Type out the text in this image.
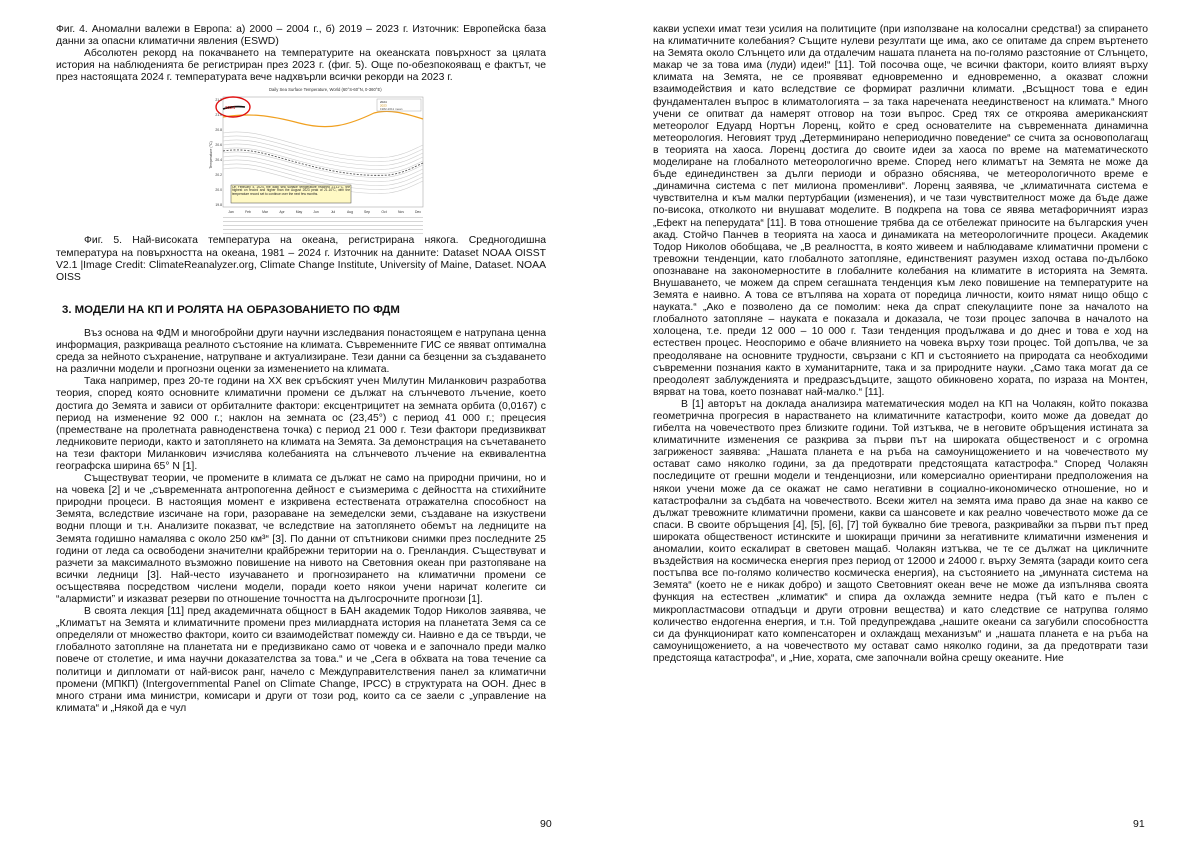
Фиг. 4. Аномални валежи в Европа: а) 2000 – 2004 г., б) 2019 – 2023 г. Източник: Европейска база данни за опасни климатични явления (ESWD)

Абсолютен рекорд на покачването на температурите на океанската повърхност за цялата история на наблюденията бе регистриран през 2023 г. (фиг. 5). Още по-обезпокояващ е фактът, че през настоящата 2024 г. температурата вече надхвърли всички рекорди на 2023 г.

Daily Sea Surface Temperature, World (60°S-60°N, 0-360°E)
2024
2024
2023
1982-2011 mean
21.2
21.0
20.8
20.6
20.4
20.2
20.0
19.8
Temperature (°C)
Jan	Feb	Mar	Apr	May	Jun	Jul	Aug	Sep	Oct	Nov	Dec
On February 4, 2024, the daily sea surface temperature reached 21.12°C, the highest on record and higher than the August 2023 peak of 21.10°C, with the temperature record set to continue over the next few months.

Фиг. 5. Най-високата температура на океана, регистрирана някога. Средногодишна температура на повърхността на океана, 1981 – 2024 г. Източник на данните: Dataset NOAA OISST V2.1 |Image Credit: ClimateReanalyzer.org, Climate Change Institute, University of Maine, Dataset. NOAA OISS

3. МОДЕЛИ НА КП И РОЛЯТА НА ОБРАЗОВАНИЕТО ПО ФДМ

Въз основа на ФДМ и многобройни други научни изследвания понастоящем е натрупана ценна информация, разкриваща реалното състояние на климата. Съвременните ГИС се явяват оптимална среда за нейното съхранение, натрупване и актуализиране. Тези данни са безценни за създаването на различни модели и прогнозни оценки за изменението на климата.

Така например, през 20-те години на XX век сръбският учен Милутин Миланкович разработва теория, според която основните климатични промени се дължат на слънчевото лъчение, което достига до Земята и зависи от орбиталните фактори: ексцентрицитет на земната орбита (0,0167) с период на изменение 92 000 г.; наклон на земната ос (23,45°) с период 41 000 г.; прецесия (преместване на пролетната равноденствена точка) с период 21 000 г. Тези фактори предизвикват ледниковите периоди, както и затоплянето на климата на Земята. За демонстрация на съчетаването на тези фактори Миланкович изчислява колебанията на слънчевото лъчение на еквивалентна географска ширина 65° N [1].

Съществуват теории, че промените в климата се дължат не само на природни причини, но и на човека [2] и че „съвременната антропогенна дейност е съизмерима с дейността на стихийните природни процеси. В настоящия момент е изкривена естествената отражателна способност на Земята, вследствие изсичане на гори, разораване на земеделски земи, създаване на изкуствени водни площи и т.н. Анализите показват, че вследствие на затоплянето обемът на ледниците на Земята годишно намалява с около 250 км³“ [3]. По данни от спътникови снимки през последните 25 години от леда са освободени значителни крайбрежни територии на о. Гренландия. Съществуват и разчети за максималното възможно повишение на нивото на Световния океан при разтопяване на всички ледници [3]. Най-често изучаването и прогнозирането на климатични промени се осъществява посредством числени модели, поради което някои учени наричат колегите си “алармисти” и изказват резерви по отношение точността на дългосрочните прогнози [1].

В своята лекция [11] пред академичната общност в БАН академик Тодор Николов заявява, че „Климатът на Земята и климатичните промени през милиардната история на планетата Земя са се определяли от множество фактори, които си взаимодействат помежду си. Наивно е да се твърди, че глобалното затопляне на планетата ни е предизвикано само от човека и е започнало преди малко повече от столетие, и има научни доказателства за това.“ и че „Сега в обхвата на това течение са политици и дипломати от най-висок ранг, начело с Междуправителствения панел за климатични промени (МПКП) (Intergovernmental Panel on Climate Change, IPCC) в структурата на ООН. Днес в много страни има министри, комисари и други от този род, които са се заели с „управление на климата“ и „Някой да е чул

90

какви успехи имат тези усилия на политиците (при използване на колосални средства!) за спирането на климатичните колебания? Същите нулеви резултати ще има, ако се опитаме да спрем въртенето на Земята около Слънцето или да отдалечим нашата планета на по-голямо разстояние от Слънцето, макар че за това има (луди) идеи!“ [11]. Той посочва още, че всички фактори, които влияят върху климата на Земята, не се проявяват едновременно и едновременно, а оказват сложни взаимодействия и като вследствие се формират различни климати. „Всъщност това е един фундаментален въпрос в климатологията – за така наречената неединственост на климата.“ Много учени се опитват да намерят отговор на този въпрос. Сред тях се откроява американският метеоролог Едуард Нортън Лоренц, който е сред основателите на съвременната динамична метеорология. Неговият труд „Детерминирано непериодично поведение“ се счита за основополагащ в теорията на хаоса. Лоренц достига до своите идеи за хаоса по време на математическото моделиране на глобалното метеорологично време. Според него климатът на Земята не може да бъде единединствен за дълги периоди и образно обяснява, че метеорологичното време е „динамична система с пет милиона променливи“. Лоренц заявява, че „климатичната система е чувствителна и към малки пертурбации (изменения), и че тази чувствителност може да бъде даже по-висока, отколкото ни внушават моделите. В подкрепа на това се явява метафоричният израз „Ефект на пеперудата“ [11]. В това отношение трябва да се отбележат приносите на българския учен акад. Стойчо Панчев в теорията на хаоса и динамиката на метеорологичните процеси. Академик Тодор Николов обобщава, че „В реалността, в която живеем и наблюдаваме климатични промени с тревожни тенденции, като глобалното затопляне, единственият разумен изход остава по-дълбоко опознаване на закономерностите в глобалните колебания на климатите в историята на Земята. Внушаването, че можем да спрем сегашната тенденция към леко повишение на температурите на Земята е наивно. А това се втълпява на хората от поредица личности, които нямат нищо общо с науката.“ „Ако е позволено да се помолим: нека да спрат спекулациите поне за началото на глобалното затопляне – науката е показала и доказала, че този процес започва в началото на холоцена, т.е. преди 12 000 – 10 000 г. Тази тенденция продължава и до днес и това е ход на естествен процес. Неоспоримо е обаче влиянието на човека върху този процес. Той допълва, че за преодоляване на основните трудности, свързани с КП и състоянието на природата са необходими съвременни познания както в хуманитарните, така и за природните науки. „Само така могат да се преодолеят заблужденията и предразсъдъците, защото обикновено хората, по израза на Монтен, вярват на това, което познават най-малко.“ [11].

В [1] авторът на доклада анализира математическия модел на КП на Чолакян, който показва геометрична прогресия в нарастването на климатичните катастрофи, които може да доведат до гибелта на човечеството през близките години. Той изтъква, че в неговите обръщения истината за климатичните изменения се разкрива за първи път на широката общественост и с огромна загриженост заявява: „Нашата планета е на ръба на самоунищожението и на човечеството му остават само няколко години, за да предотврати предстоящата катастрофа.“ Според Чолакян последиците от грешни модели и тенденциозни, или комерсиално ориентирани предположения на някои учени може да се окажат не само негативни в социално-икономическо отношение, но и катастрофални за съдбата на човечеството. Всеки жител на земята има право да знае на какво се дължат тревожните климатични промени, какви са шансовете и как реално човечеството може да се спаси. В своите обръщения [4], [5], [6], [7] той буквално бие тревога, разкривайки за първи път пред широката общественост истинските и шокиращи причини за негативните климатични изменения и аномалии, които ескалират в световен мащаб. Чолакян изтъква, че те се дължат на цикличните въздействия на космическа енергия през период от 12000 и 24000 г. върху Земята (заради които сега постъпва все по-голямо количество космическа енергия), на състоянието на „имунната система на Земята“ (което не е никак добро) и защото Световният океан вече не може да изпълнява своята функция на естествен „климатик“ и спира да охлажда земните недра (тъй като е пълен с микропластмасови отпадъци и други отровни вещества) и като следствие се натрупва голямо количество ендогенна енергия, и т.н. Той предупреждава „нашите океани са загубили способността си да функционират като компенсаторен и охлаждащ механизъм“ и „нашата планета е на ръба на самоунищожението, а на човечеството му остават само няколко години, за да предотврати тази предстояща катастрофа“, и „Ние, хората, сме започнали война срещу океаните. Ние

91
